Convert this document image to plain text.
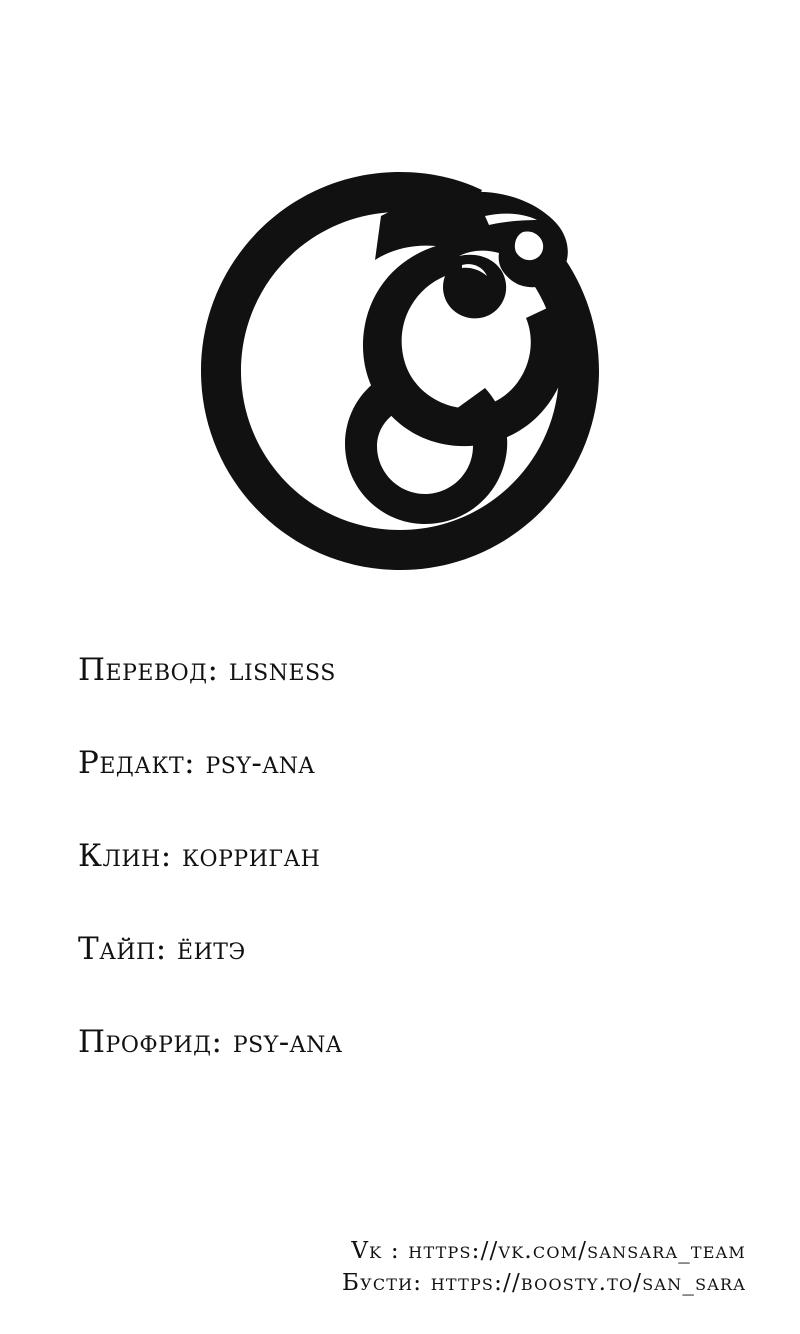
Перевод: lisness
Редакт: psy-ana
Клин: корриган
Тайп: ёитэ
Профрид: psy-ana
Vk : https://vk.com/sansara_team
Бусти: https://boosty.to/san_sara
